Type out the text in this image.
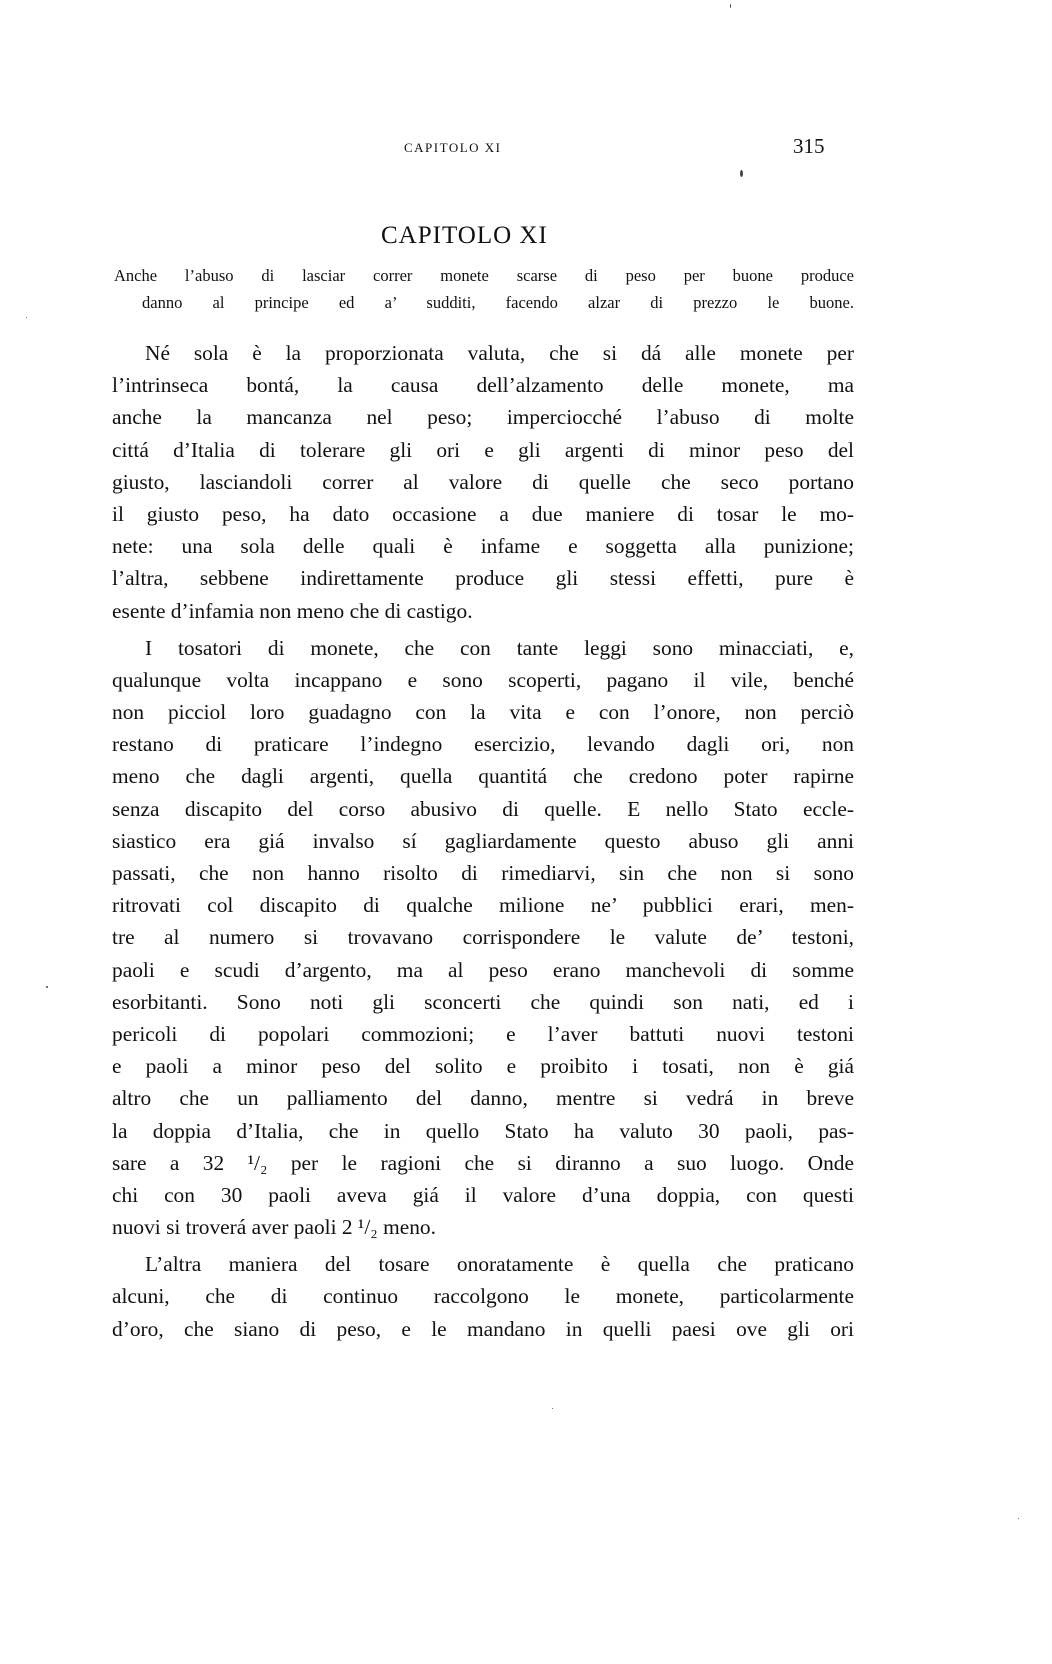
CAPITOLO XI	315
CAPITOLO XI
Anche l’abuso di lasciar correr monete scarse di peso per buone produce
danno al principe ed a’ sudditi, facendo alzar di prezzo le buone.
Né sola è la proporzionata valuta, che si dá alle monete per
l’intrinseca bontá, la causa dell’alzamento delle monete, ma
anche la mancanza nel peso; imperciocché l’abuso di molte
cittá d’Italia di tolerare gli ori e gli argenti di minor peso del
giusto, lasciandoli correr al valore di quelle che seco portano
il giusto peso, ha dato occasione a due maniere di tosar le mo-
nete: una sola delle quali è infame e soggetta alla punizione;
l’altra, sebbene indirettamente produce gli stessi effetti, pure è
esente d’infamia non meno che di castigo.
I tosatori di monete, che con tante leggi sono minacciati, e,
qualunque volta incappano e sono scoperti, pagano il vile, benché
non picciol loro guadagno con la vita e con l’onore, non perciò
restano di praticare l’indegno esercizio, levando dagli ori, non
meno che dagli argenti, quella quantitá che credono poter rapirne
senza discapito del corso abusivo di quelle. E nello Stato eccle-
siastico era giá invalso sí gagliardamente questo abuso gli anni
passati, che non hanno risolto di rimediarvi, sin che non si sono
ritrovati col discapito di qualche milione ne’ pubblici erari, men-
tre al numero si trovavano corrispondere le valute de’ testoni,
paoli e scudi d’argento, ma al peso erano manchevoli di somme
esorbitanti. Sono noti gli sconcerti che quindi son nati, ed i
pericoli di popolari commozioni; e l’aver battuti nuovi testoni
e paoli a minor peso del solito e proibito i tosati, non è giá
altro che un palliamento del danno, mentre si vedrá in breve
la doppia d’Italia, che in quello Stato ha valuto 30 paoli, pas-
sare a 32 ¹/₂ per le ragioni che si diranno a suo luogo. Onde
chi con 30 paoli aveva giá il valore d’una doppia, con questi
nuovi si troverá aver paoli 2 ¹/₂ meno.
L’altra maniera del tosare onoratamente è quella che praticano
alcuni, che di continuo raccolgono le monete, particolarmente
d’oro, che siano di peso, e le mandano in quelli paesi ove gli ori
